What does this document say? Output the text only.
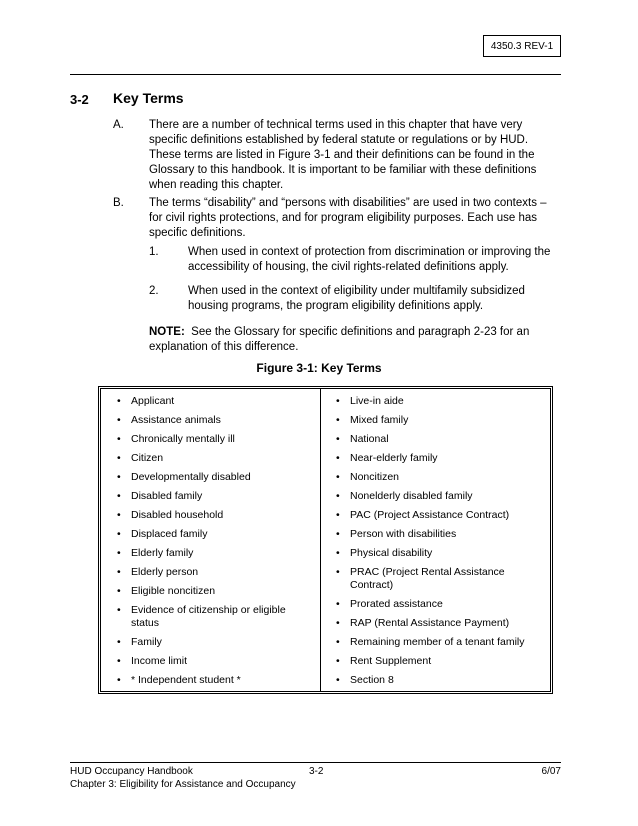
4350.3 REV-1
3-2 Key Terms
A. There are a number of technical terms used in this chapter that have very
specific definitions established by federal statute or regulations or by HUD.
These terms are listed in Figure 3-1 and their definitions can be found in the
Glossary to this handbook. It is important to be familiar with these definitions
when reading this chapter.
B. The terms “disability” and “persons with disabilities” are used in two contexts –
for civil rights protections, and for program eligibility purposes. Each use has
specific definitions.
1.	When used in context of protection from discrimination or improving the
accessibility of housing, the civil rights-related definitions apply.
2.	When used in the context of eligibility under multifamily subsidized
housing programs, the program eligibility definitions apply.
NOTE:  See the Glossary for specific definitions and paragraph 2-23 for an
explanation of this difference.
Figure 3-1: Key Terms
• Applicant
• Assistance animals
• Chronically mentally ill
• Citizen
• Developmentally disabled
• Disabled family
• Disabled household
• Displaced family
• Elderly family
• Elderly person
• Eligible noncitizen
• Evidence of citizenship or eligible status
• Family
• Income limit
• * Independent student *
• Live-in aide
• Mixed family
• National
• Near-elderly family
• Noncitizen
• Nonelderly disabled family
• PAC (Project Assistance Contract)
• Person with disabilities
• Physical disability
• PRAC (Project Rental Assistance Contract)
• Prorated assistance
• RAP (Rental Assistance Payment)
• Remaining member of a tenant family
• Rent Supplement
• Section 8
HUD Occupancy Handbook	3-2	6/07
Chapter 3: Eligibility for Assistance and Occupancy
